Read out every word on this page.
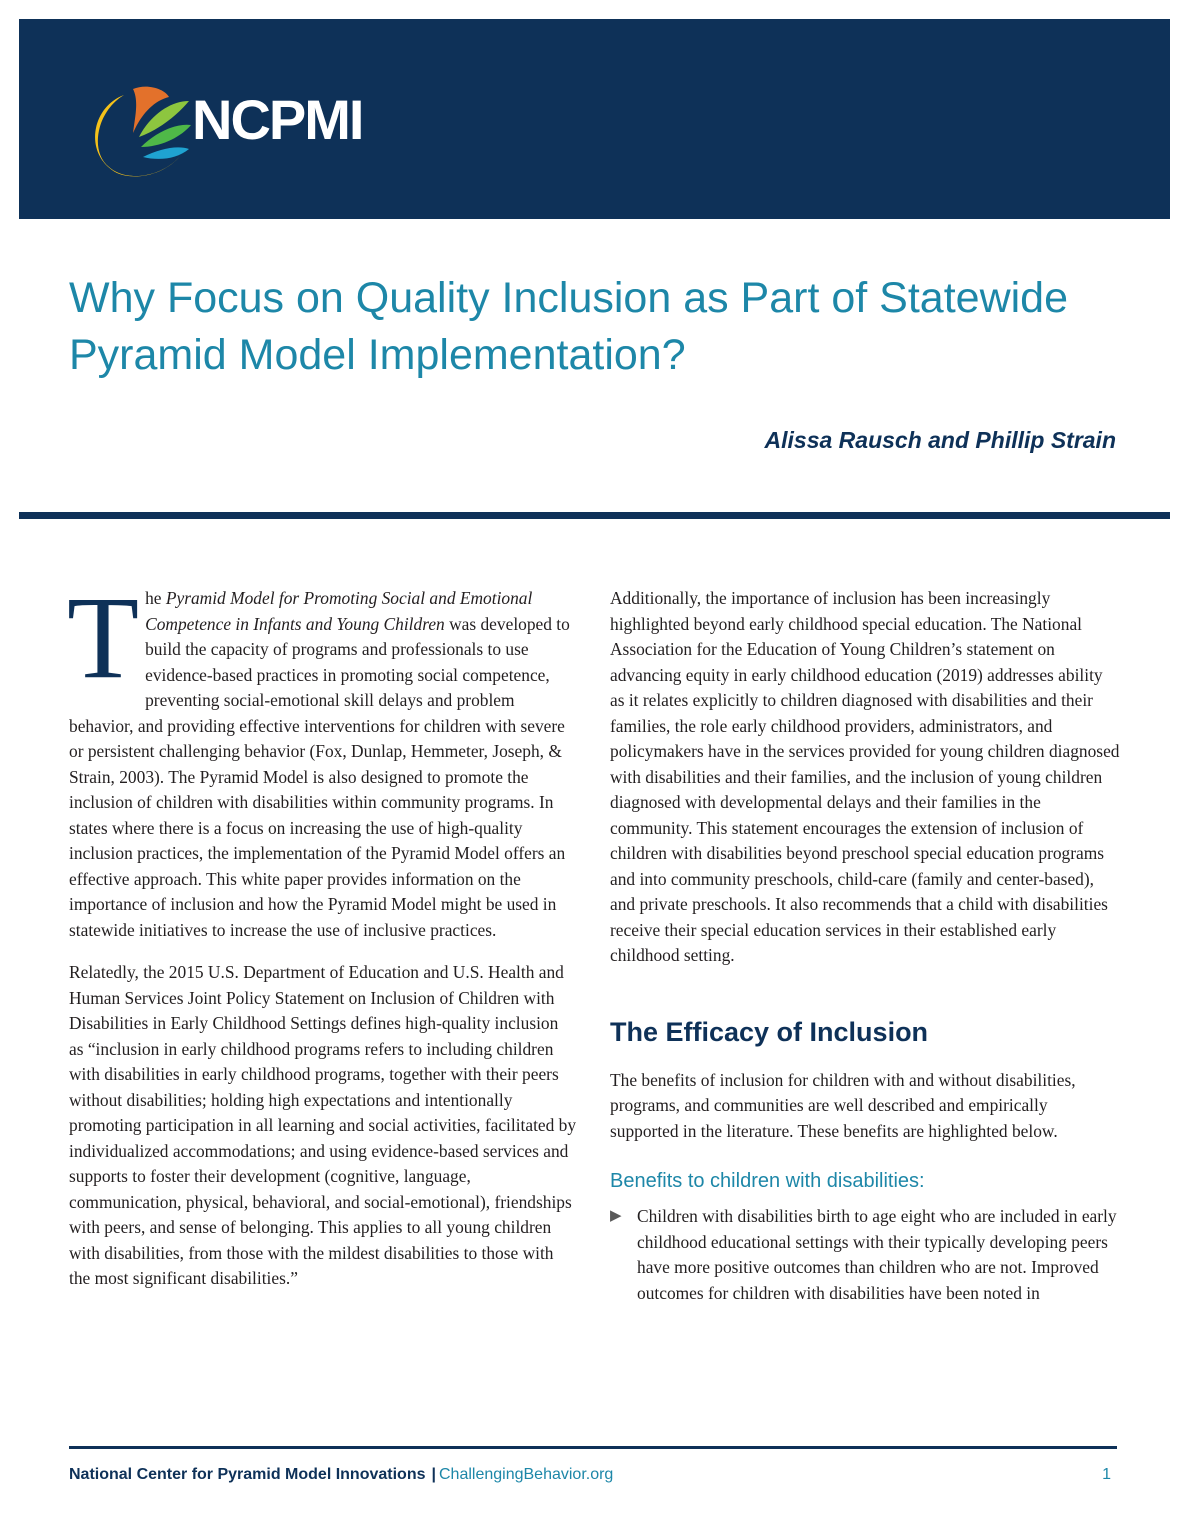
NCPMI
Why Focus on Quality Inclusion as Part of Statewide Pyramid Model Implementation?
Alissa Rausch and Phillip Strain

The Pyramid Model for Promoting Social and Emotional Competence in Infants and Young Children was developed to build the capacity of programs and professionals to use evidence-based practices in promoting social competence, preventing social-emotional skill delays and problem behavior, and providing effective interventions for children with severe or persistent challenging behavior (Fox, Dunlap, Hemmeter, Joseph, & Strain, 2003). The Pyramid Model is also designed to promote the inclusion of children with disabilities within community programs. In states where there is a focus on increasing the use of high-quality inclusion practices, the implementation of the Pyramid Model offers an effective approach. This white paper provides information on the importance of inclusion and how the Pyramid Model might be used in statewide initiatives to increase the use of inclusive practices.

Relatedly, the 2015 U.S. Department of Education and U.S. Health and Human Services Joint Policy Statement on Inclusion of Children with Disabilities in Early Childhood Settings defines high-quality inclusion as “inclusion in early childhood programs refers to including children with disabilities in early childhood programs, together with their peers without disabilities; holding high expectations and intentionally promoting participation in all learning and social activities, facilitated by individualized accommodations; and using evidence-based services and supports to foster their development (cognitive, language, communication, physical, behavioral, and social-emotional), friendships with peers, and sense of belonging. This applies to all young children with disabilities, from those with the mildest disabilities to those with the most significant disabilities.”

Additionally, the importance of inclusion has been increasingly highlighted beyond early childhood special education. The National Association for the Education of Young Children’s statement on advancing equity in early childhood education (2019) addresses ability as it relates explicitly to children diagnosed with disabilities and their families, the role early childhood providers, administrators, and policymakers have in the services provided for young children diagnosed with disabilities and their families, and the inclusion of young children diagnosed with developmental delays and their families in the community. This statement encourages the extension of inclusion of children with disabilities beyond preschool special education programs and into community preschools, child-care (family and center-based), and private preschools. It also recommends that a child with disabilities receive their special education services in their established early childhood setting.

The Efficacy of Inclusion

The benefits of inclusion for children with and without disabilities, programs, and communities are well described and empirically supported in the literature. These benefits are highlighted below.

Benefits to children with disabilities:

▶ Children with disabilities birth to age eight who are included in early childhood educational settings with their typically developing peers have more positive outcomes than children who are not. Improved outcomes for children with disabilities have been noted in

National Center for Pyramid Model Innovations | ChallengingBehavior.org	1
